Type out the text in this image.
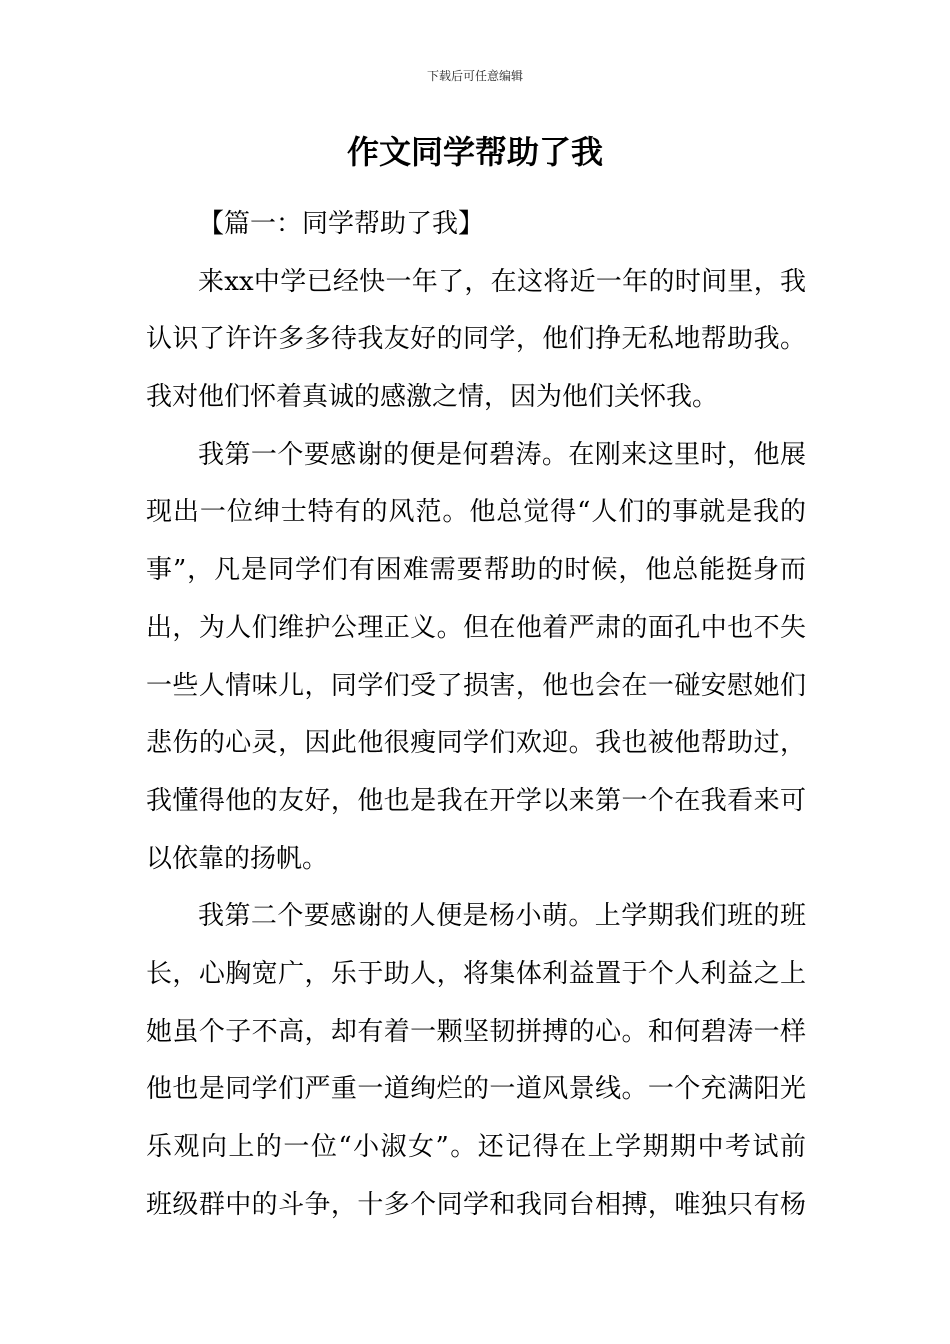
下载后可任意编辑
作文同学帮助了我
【篇一：同学帮助了我】
来xx中学已经快一年了，在这将近一年的时间里，我
认识了许许多多待我友好的同学，他们挣无私地帮助我。
我对他们怀着真诚的感激之情，因为他们关怀我。
我第一个要感谢的便是何碧涛。在刚来这里时，他展
现出一位绅士特有的风范。他总觉得“人们的事就是我的
事”，凡是同学们有困难需要帮助的时候，他总能挺身而
出，为人们维护公理正义。但在他着严肃的面孔中也不失
一些人情味儿，同学们受了损害，他也会在一碰安慰她们
悲伤的心灵，因此他很瘦同学们欢迎。我也被他帮助过，
我懂得他的友好，他也是我在开学以来第一个在我看来可
以依靠的扬帆。
我第二个要感谢的人便是杨小萌。上学期我们班的班
长，心胸宽广，乐于助人，将集体利益置于个人利益之上
她虽个子不高，却有着一颗坚韧拼搏的心。和何碧涛一样
他也是同学们严重一道绚烂的一道风景线。一个充满阳光
乐观向上的一位“小淑女”。还记得在上学期期中考试前
班级群中的斗争，十多个同学和我同台相搏，唯独只有杨
